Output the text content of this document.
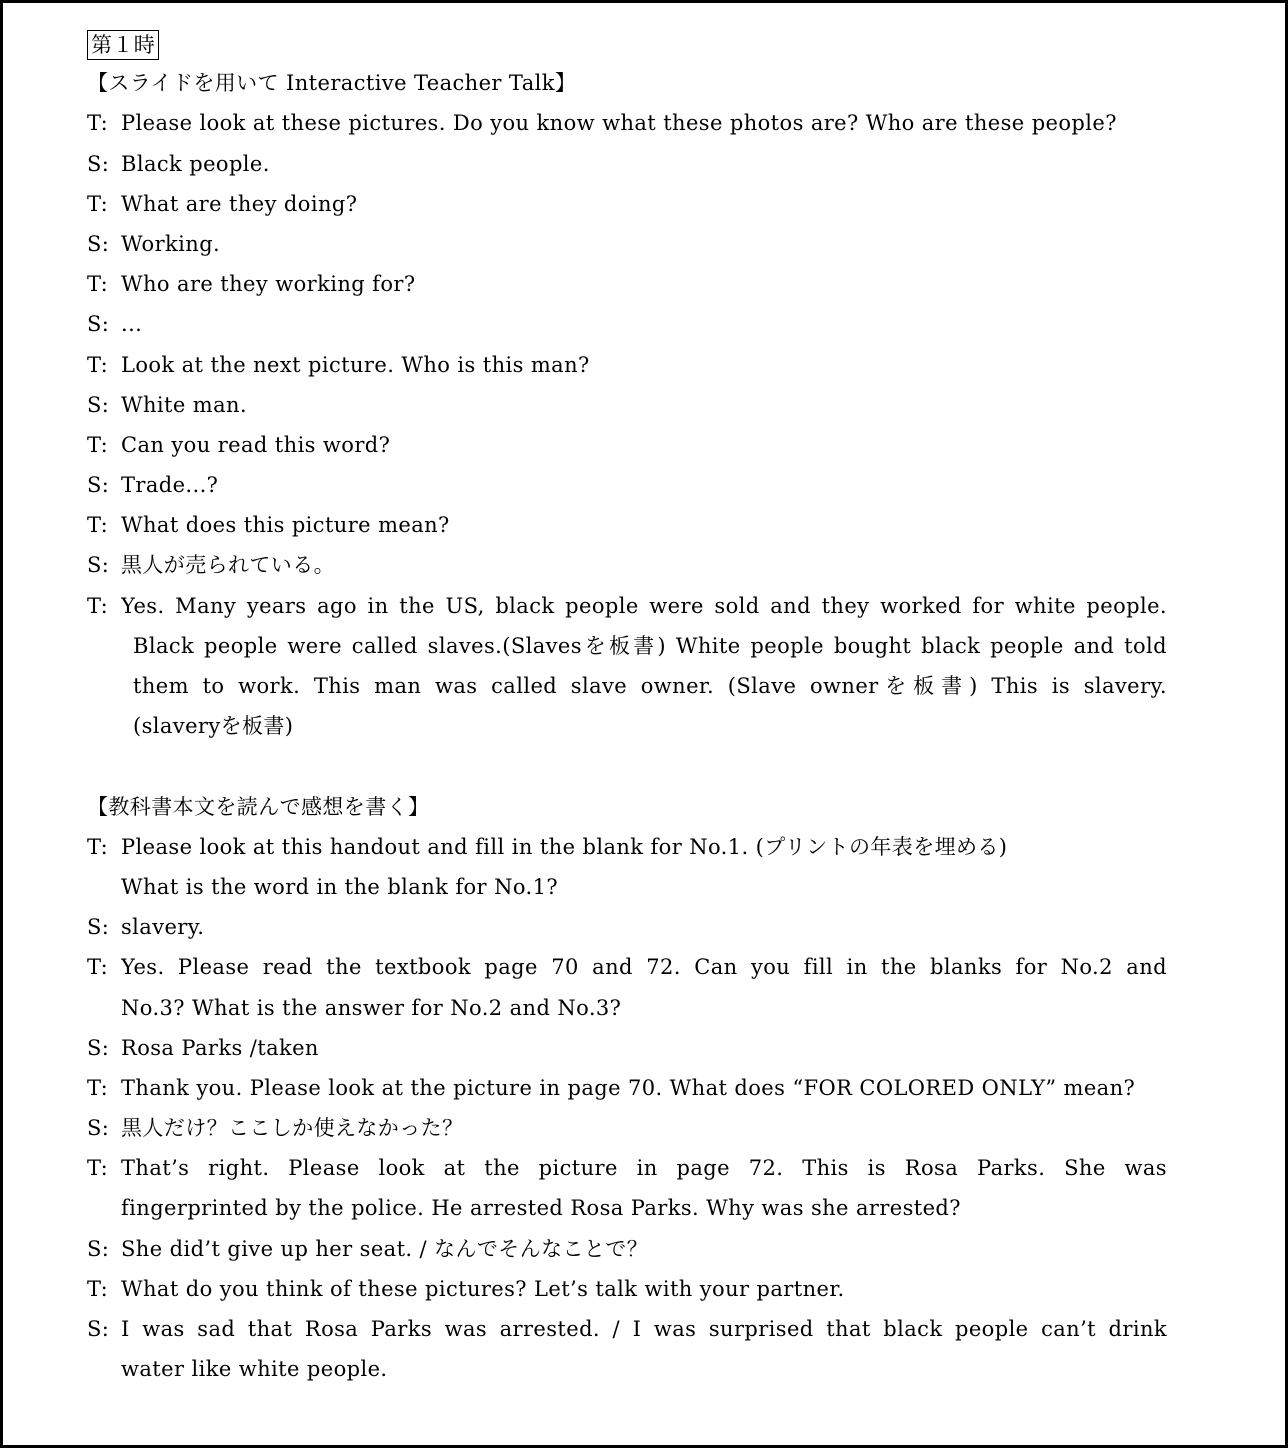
第１時
【スライドを用いて Interactive Teacher Talk】
T: Please look at these pictures. Do you know what these photos are? Who are these people?
S: Black people.
T: What are they doing?
S: Working.
T: Who are they working for?
S: ...
T: Look at the next picture. Who is this man?
S: White man.
T: Can you read this word?
S: Trade...?
T: What does this picture mean?
S: 黒人が売られている。
T: Yes. Many years ago in the US, black people were sold and they worked for white people.
Black people were called slaves.(Slavesを板書) White people bought black people and told
them to work. This man was called slave owner. (Slave ownerを板書) This is slavery.
(slaveryを板書)
【教科書本文を読んで感想を書く】
T: Please look at this handout and fill in the blank for No.1. (プリントの年表を埋める)
What is the word in the blank for No.1?
S: slavery.
T: Yes. Please read the textbook page 70 and 72. Can you fill in the blanks for No.2 and
No.3? What is the answer for No.2 and No.3?
S: Rosa Parks /taken
T: Thank you. Please look at the picture in page 70. What does “FOR COLORED ONLY” mean?
S: 黒人だけ？ここしか使えなかった？
T: That’s right. Please look at the picture in page 72. This is Rosa Parks. She was
fingerprinted by the police. He arrested Rosa Parks. Why was she arrested?
S: She did’t give up her seat. / なんでそんなことで？
T: What do you think of these pictures? Let’s talk with your partner.
S: I was sad that Rosa Parks was arrested. / I was surprised that black people can’t drink
water like white people.
